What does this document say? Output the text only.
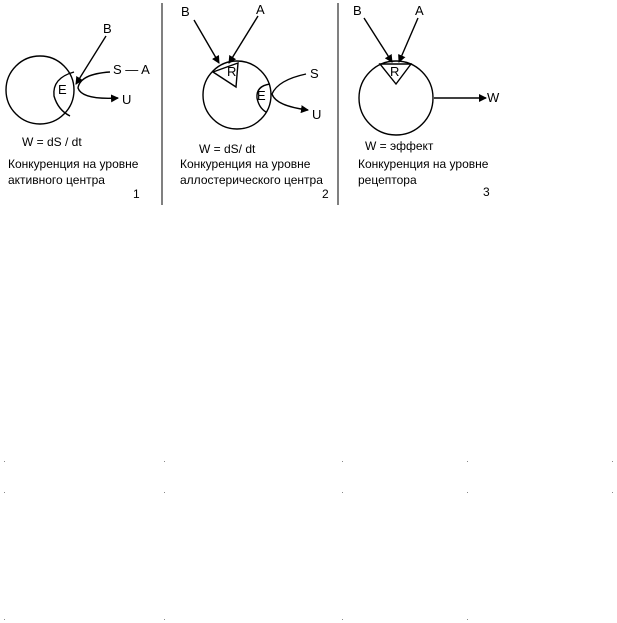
E
B
S — A
U
W = dS / dt
Конкуренция на уровне
активного центра
1
R
E
B	A
S
U
W = dS/ dt
Конкуренция на уровне
аллостерического центра
2
R
B	A
W
W = эффект
Конкуренция на уровне
рецептора
3
